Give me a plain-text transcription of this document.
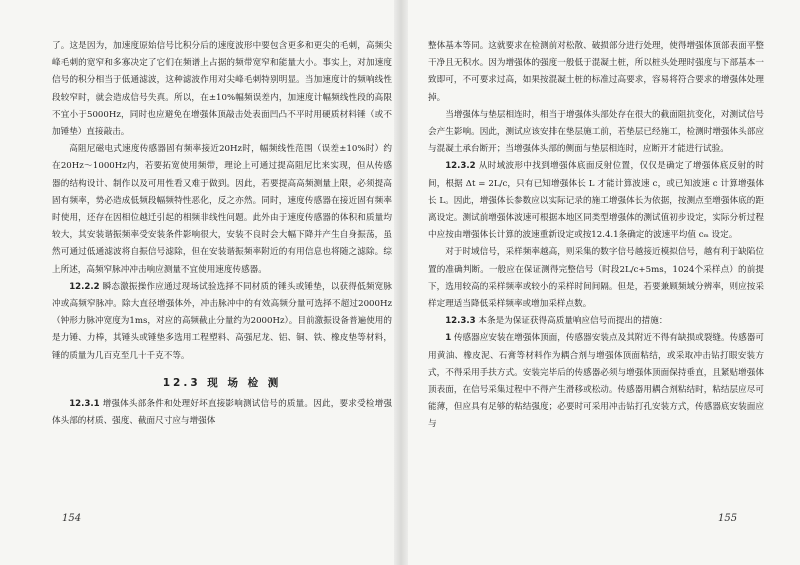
了。这是因为，加速度原始信号比积分后的速度波形中要包含更多和更尖的毛刺，高频尖峰毛刺的宽窄和多寡决定了它们在频谱上占据的频带宽窄和能量大小。事实上，对加速度信号的积分相当于低通滤波，这种滤波作用对尖峰毛刺特别明显。当加速度计的频响线性段较窄时，就会造成信号失真。所以，在±10%幅频误差内，加速度计幅频线性段的高限不宜小于5000Hz，同时也应避免在增强体顶敲击处表面凹凸不平时用硬质材料锤（或不加锤垫）直接敲击。

高阻尼磁电式速度传感器固有频率接近20Hz时，幅频线性范围（误差±10%时）约在20Hz～1000Hz内，若要拓宽使用频带，理论上可通过提高阻尼比来实现，但从传感器的结构设计、制作以及可用性看又难于做到。因此，若要提高高频测量上限，必须提高固有频率，势必造成低频段幅频特性恶化，反之亦然。同时，速度传感器在接近固有频率时使用，还存在因相位越迁引起的相频非线性问题。此外由于速度传感器的体积和质量均较大，其安装谐振频率受安装条件影响很大，安装不良时会大幅下降并产生自身振荡，虽然可通过低通滤波将自振信号滤除，但在安装谐振频率附近的有用信息也将随之滤除。综上所述，高频窄脉冲冲击响应测量不宜使用速度传感器。

12.2.2 瞬态激振操作应通过现场试验选择不同材质的锤头或锤垫，以获得低频宽脉冲或高频窄脉冲。除大直径增强体外，冲击脉冲中的有效高频分量可选择不超过2000Hz（钟形力脉冲宽度为1ms，对应的高频截止分量约为2000Hz）。目前激振设备普遍使用的是力锤、力棒，其锤头或锤垫多选用工程塑料、高强尼龙、铝、铜、铁、橡皮垫等材料，锤的质量为几百克至几十千克不等。

12.3 现 场 检 测

12.3.1 增强体头部条件和处理好坏直接影响测试信号的质量。因此，要求受检增强体头部的材质、强度、截面尺寸应与增强体

154

整体基本等同。这就要求在检测前对松散、破损部分进行处理，使得增强体顶部表面平整干净且无积水。因为增强体的强度一般低于混凝土桩，所以桩头处理时强度与下部基本一致即可，不可要求过高，如果按混凝土桩的标准过高要求，容易将符合要求的增强体处理掉。

当增强体与垫层相连时，相当于增强体头部处存在很大的截面阻抗变化，对测试信号会产生影响。因此，测试应该安排在垫层施工前，若垫层已经施工，检测时增强体头部应与混凝土承台断开；当增强体头部的侧面与垫层相连时，应断开才能进行试验。

12.3.2 从时域波形中找到增强体底面反射位置，仅仅是确定了增强体底反射的时间，根据 Δt = 2L/c，只有已知增强体长 L 才能计算波速 c，或已知波速 c 计算增强体长 L。因此，增强体长参数应以实际记录的施工增强体长为依据，按测点至增强体底的距离设定。测试前增强体波速可根据本地区同类型增强体的测试值初步设定，实际分析过程中应按由增强体长计算的波速重新设定或按12.4.1条确定的波速平均值 cₘ 设定。

对于时域信号，采样频率越高，则采集的数字信号越接近模拟信号，越有利于缺陷位置的准确判断。一般应在保证测得完整信号（时段2L/c+5ms，1024个采样点）的前提下，选用较高的采样频率或较小的采样时间间隔。但是，若要兼顾频域分辨率，则应按采样定理适当降低采样频率或增加采样点数。

12.3.3 本条是为保证获得高质量响应信号而提出的措施：

1 传感器应安装在增强体顶面，传感器安装点及其附近不得有缺损或裂缝。传感器可用黄油、橡皮泥、石膏等材料作为耦合剂与增强体顶面粘结，或采取冲击钻打眼安装方式，不得采用手扶方式。安装完毕后的传感器必须与增强体顶面保持垂直，且紧贴增强体顶表面，在信号采集过程中不得产生滑移或松动。传感器用耦合剂粘结时，粘结层应尽可能薄，但应具有足够的粘结强度；必要时可采用冲击钻打孔安装方式，传感器底安装面应与

155
